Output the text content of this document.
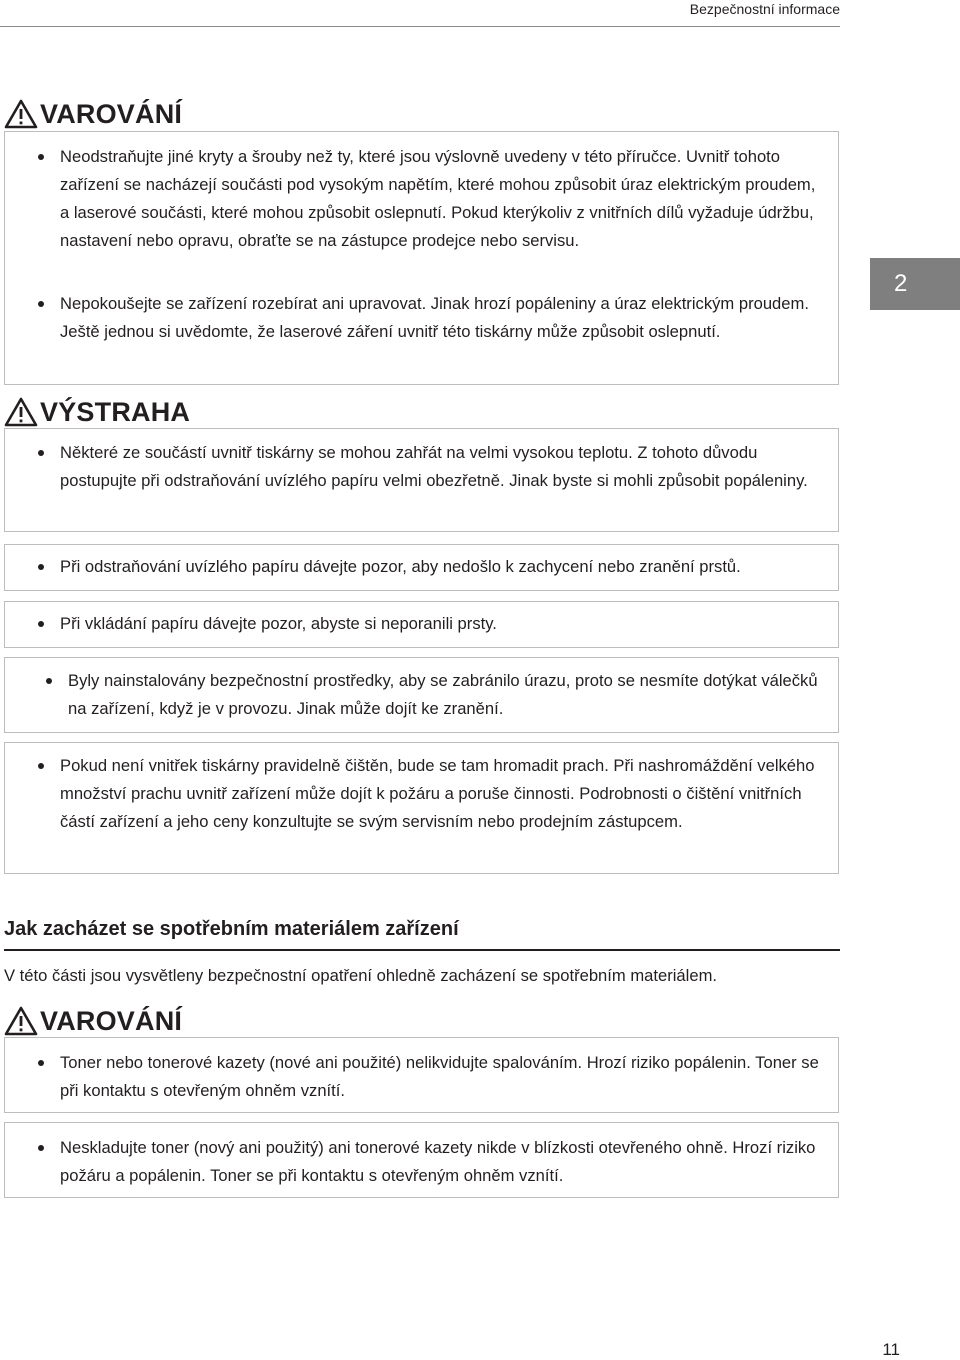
Bezpečnostní informace
2
VAROVÁNÍ
Neodstraňujte jiné kryty a šrouby než ty, které jsou výslovně uvedeny v této příručce. Uvnitř tohoto zařízení se nacházejí součásti pod vysokým napětím, které mohou způsobit úraz elektrickým proudem, a laserové součásti, které mohou způsobit oslepnutí. Pokud kterýkoliv z vnitřních dílů vyžaduje údržbu, nastavení nebo opravu, obraťte se na zástupce prodejce nebo servisu.
Nepokoušejte se zařízení rozebírat ani upravovat. Jinak hrozí popáleniny a úraz elektrickým proudem. Ještě jednou si uvědomte, že laserové záření uvnitř této tiskárny může způsobit oslepnutí.
VÝSTRAHA
Některé ze součástí uvnitř tiskárny se mohou zahřát na velmi vysokou teplotu. Z tohoto důvodu postupujte při odstraňování uvízlého papíru velmi obezřetně. Jinak byste si mohli způsobit popáleniny.
Při odstraňování uvízlého papíru dávejte pozor, aby nedošlo k zachycení nebo zranění prstů.
Při vkládání papíru dávejte pozor, abyste si neporanili prsty.
Byly nainstalovány bezpečnostní prostředky, aby se zabránilo úrazu, proto se nesmíte dotýkat válečků na zařízení, když je v provozu. Jinak může dojít ke zranění.
Pokud není vnitřek tiskárny pravidelně čištěn, bude se tam hromadit prach. Při nashromáždění velkého množství prachu uvnitř zařízení může dojít k požáru a poruše činnosti. Podrobnosti o čištění vnitřních částí zařízení a jeho ceny konzultujte se svým servisním nebo prodejním zástupcem.
Jak zacházet se spotřebním materiálem zařízení
V této části jsou vysvětleny bezpečnostní opatření ohledně zacházení se spotřebním materiálem.
VAROVÁNÍ
Toner nebo tonerové kazety (nové ani použité) nelikvidujte spalováním. Hrozí riziko popálenin. Toner se při kontaktu s otevřeným ohněm vznítí.
Neskladujte toner (nový ani použitý) ani tonerové kazety nikde v blízkosti otevřeného ohně. Hrozí riziko požáru a popálenin. Toner se při kontaktu s otevřeným ohněm vznítí.
11
